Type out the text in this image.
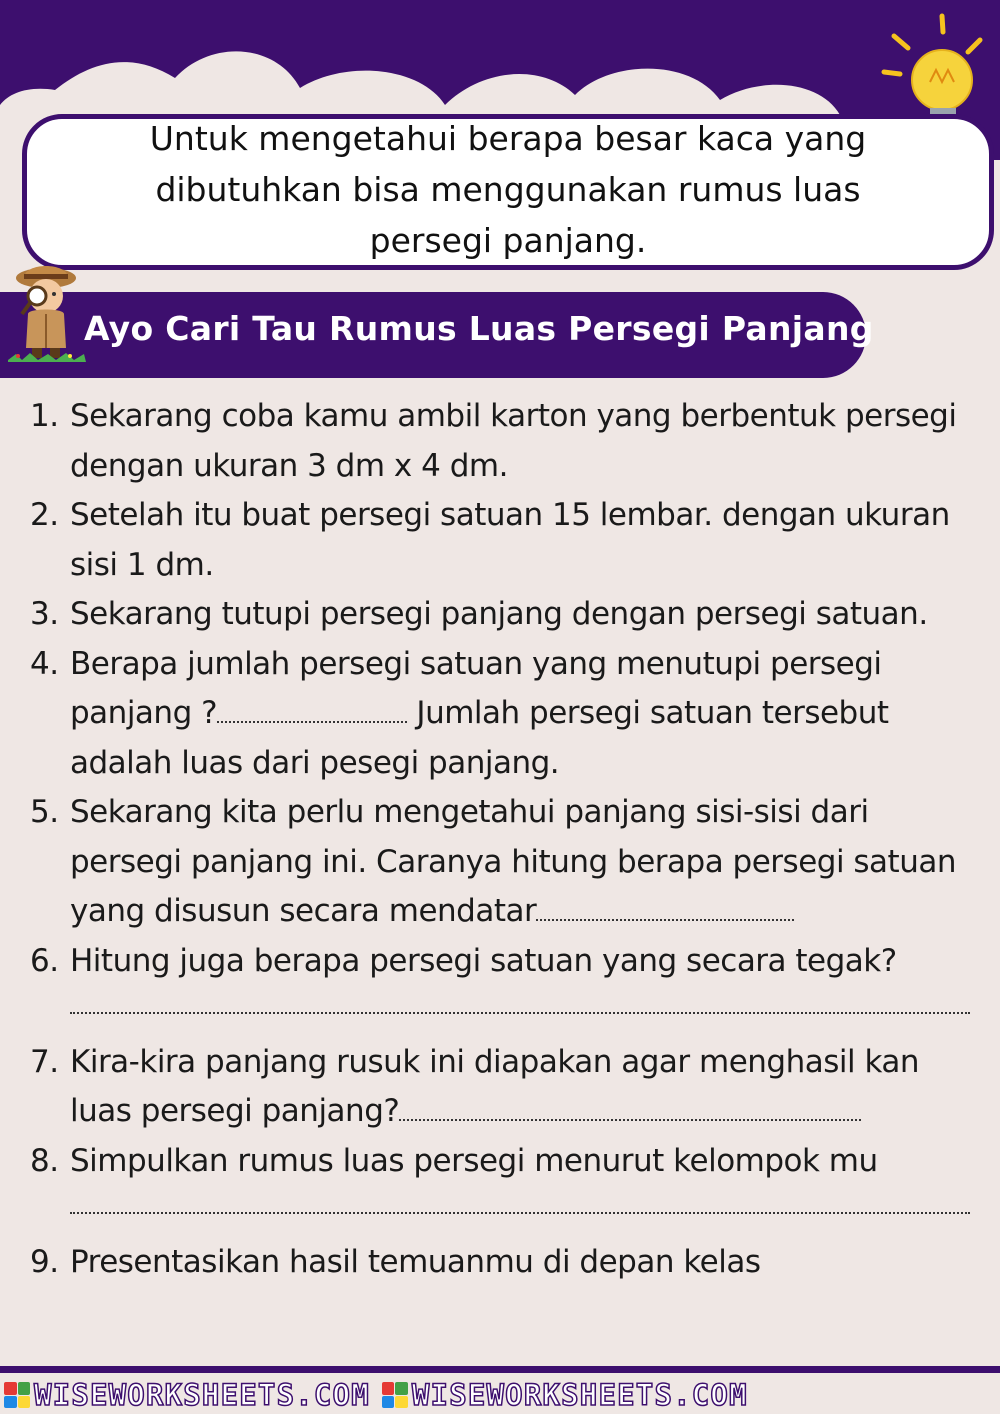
Untuk mengetahui berapa besar kaca yang dibutuhkan bisa menggunakan rumus luas persegi panjang.
Ayo Cari Tau Rumus Luas Persegi Panjang
1. Sekarang coba kamu ambil karton yang berbentuk persegi dengan ukuran 3 dm x 4 dm.
2. Setelah itu buat persegi satuan 15 lembar. dengan ukuran sisi 1 dm.
3. Sekarang tutupi persegi panjang dengan persegi satuan.
4. Berapa jumlah persegi satuan yang menutupi persegi panjang ?	Jumlah persegi satuan tersebut adalah luas dari pesegi panjang.
5. Sekarang kita perlu mengetahui panjang sisi-sisi dari persegi panjang ini. Caranya hitung berapa persegi satuan yang disusun secara mendatar
6. Hitung juga berapa persegi satuan yang secara tegak?
7. Kira-kira panjang rusuk ini diapakan agar menghasil kan luas persegi panjang?
8. Simpulkan rumus luas persegi menurut kelompok mu
9. Presentasikan hasil temuanmu di depan kelas
WISEWORKSHEETS.COM WISEWORKSHEETS.COM
